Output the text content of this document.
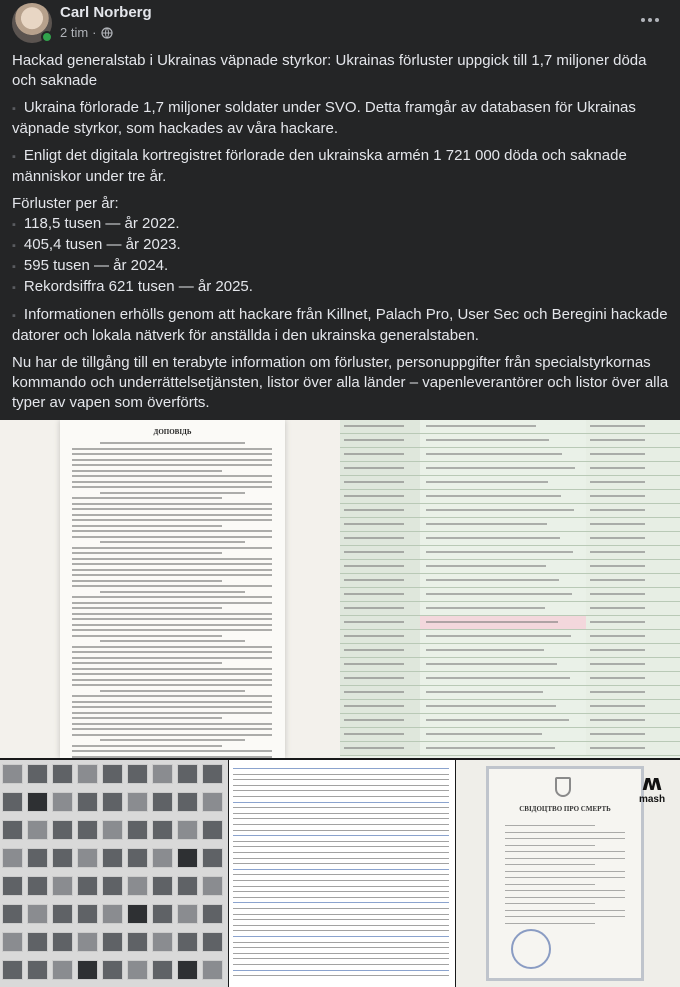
Carl Norberg
2 tim ·

Hackad generalstab i Ukrainas väpnade styrkor: Ukrainas förluster uppgick till 1,7 miljoner döda och saknade

▪ Ukraina förlorade 1,7 miljoner soldater under SVO. Detta framgår av databasen för Ukrainas väpnade styrkor, som hackades av våra hackare.

▪ Enligt det digitala kortregistret förlorade den ukrainska armén 1 721 000 döda och saknade människor under tre år.

Förluster per år:
▪ 118,5 tusen — år 2022.
▪ 405,4 tusen — år 2023.
▪ 595 tusen — år 2024.
▪ Rekordsiffra 621 tusen — år 2025.

▪ Informationen erhölls genom att hackare från Killnet, Palach Pro, User Sec och Beregini hackade datorer och lokala nätverk för anställda i den ukrainska generalstaben.

Nu har de tillgång till en terabyte information om förluster, personuppgifter från specialstyrkornas kommando och underrättelsetjänsten, listor över alla länder – vapenleverantörer och listor över alla typer av vapen som överförts.

ДОПОВІДЬ
СВІДОЦТВО ПРО СМЕРТЬ
ʍ
mash
